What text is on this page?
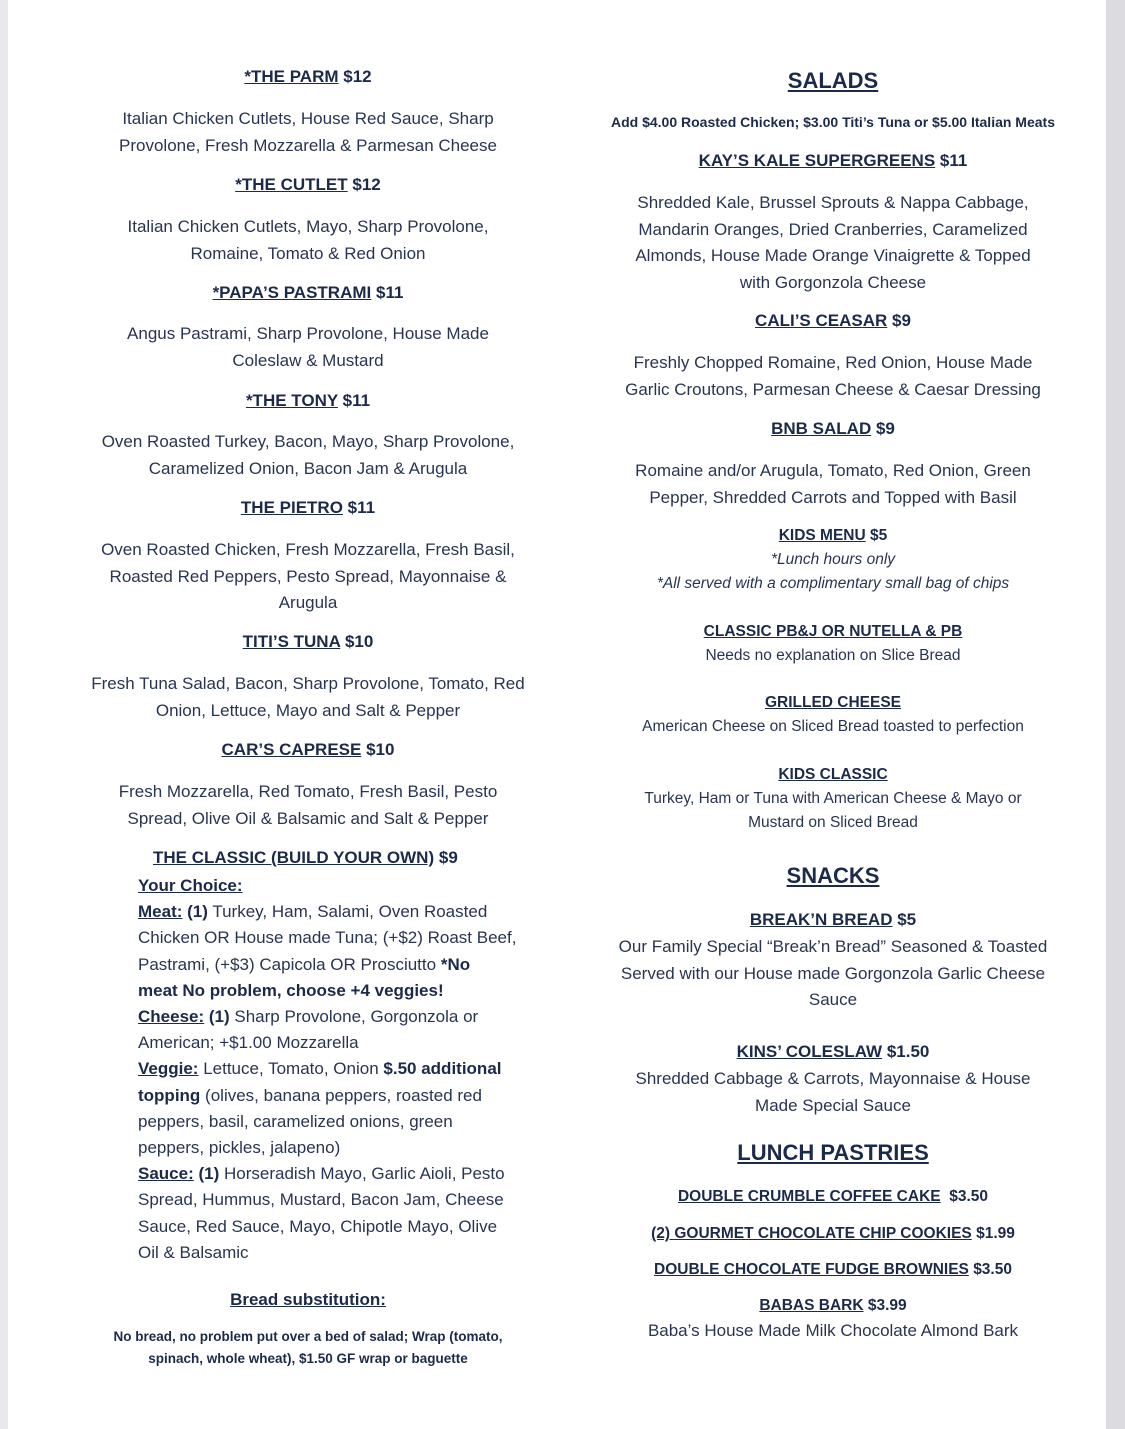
*THE PARM $12
Italian Chicken Cutlets, House Red Sauce, Sharp
Provolone, Fresh Mozzarella & Parmesan Cheese
*THE CUTLET $12
Italian Chicken Cutlets, Mayo, Sharp Provolone,
Romaine, Tomato & Red Onion
*PAPA’S PASTRAMI $11
Angus Pastrami, Sharp Provolone, House Made
Coleslaw & Mustard
*THE TONY $11
Oven Roasted Turkey, Bacon, Mayo, Sharp Provolone,
Caramelized Onion, Bacon Jam & Arugula
THE PIETRO $11
Oven Roasted Chicken, Fresh Mozzarella, Fresh Basil,
Roasted Red Peppers, Pesto Spread, Mayonnaise &
Arugula
TITI’S TUNA $10
Fresh Tuna Salad, Bacon, Sharp Provolone, Tomato, Red
Onion, Lettuce, Mayo and Salt & Pepper
CAR’S CAPRESE $10
Fresh Mozzarella, Red Tomato, Fresh Basil, Pesto
Spread, Olive Oil & Balsamic and Salt & Pepper
THE CLASSIC (BUILD YOUR OWN) $9
Your Choice:
Meat: (1) Turkey, Ham, Salami, Oven Roasted
Chicken OR House made Tuna; (+$2) Roast Beef,
Pastrami, (+$3) Capicola OR Prosciutto *No
meat No problem, choose +4 veggies!
Cheese: (1) Sharp Provolone, Gorgonzola or
American; +$1.00 Mozzarella
Veggie: Lettuce, Tomato, Onion $.50 additional
topping (olives, banana peppers, roasted red
peppers, basil, caramelized onions, green
peppers, pickles, jalapeno)
Sauce: (1) Horseradish Mayo, Garlic Aioli, Pesto
Spread, Hummus, Mustard, Bacon Jam, Cheese
Sauce, Red Sauce, Mayo, Chipotle Mayo, Olive
Oil & Balsamic
Bread substitution:
No bread, no problem put over a bed of salad; Wrap (tomato,
spinach, whole wheat), $1.50 GF wrap or baguette
SALADS
Add $4.00 Roasted Chicken; $3.00 Titi’s Tuna or $5.00 Italian Meats
KAY’S KALE SUPERGREENS $11
Shredded Kale, Brussel Sprouts & Nappa Cabbage,
Mandarin Oranges, Dried Cranberries, Caramelized
Almonds, House Made Orange Vinaigrette & Topped
with Gorgonzola Cheese
CALI’S CEASAR $9
Freshly Chopped Romaine, Red Onion, House Made
Garlic Croutons, Parmesan Cheese & Caesar Dressing
BNB SALAD $9
Romaine and/or Arugula, Tomato, Red Onion, Green
Pepper, Shredded Carrots and Topped with Basil
KIDS MENU $5
*Lunch hours only
*All served with a complimentary small bag of chips
CLASSIC PB&J OR NUTELLA & PB
Needs no explanation on Slice Bread
GRILLED CHEESE
American Cheese on Sliced Bread toasted to perfection
KIDS CLASSIC
Turkey, Ham or Tuna with American Cheese & Mayo or
Mustard on Sliced Bread
SNACKS
BREAK’N BREAD $5
Our Family Special “Break’n Bread” Seasoned & Toasted
Served with our House made Gorgonzola Garlic Cheese
Sauce
KINS’ COLESLAW $1.50
Shredded Cabbage & Carrots, Mayonnaise & House
Made Special Sauce
LUNCH PASTRIES
DOUBLE CRUMBLE COFFEE CAKE $3.50
(2) GOURMET CHOCOLATE CHIP COOKIES $1.99
DOUBLE CHOCOLATE FUDGE BROWNIES $3.50
BABAS BARK $3.99
Baba’s House Made Milk Chocolate Almond Bark
